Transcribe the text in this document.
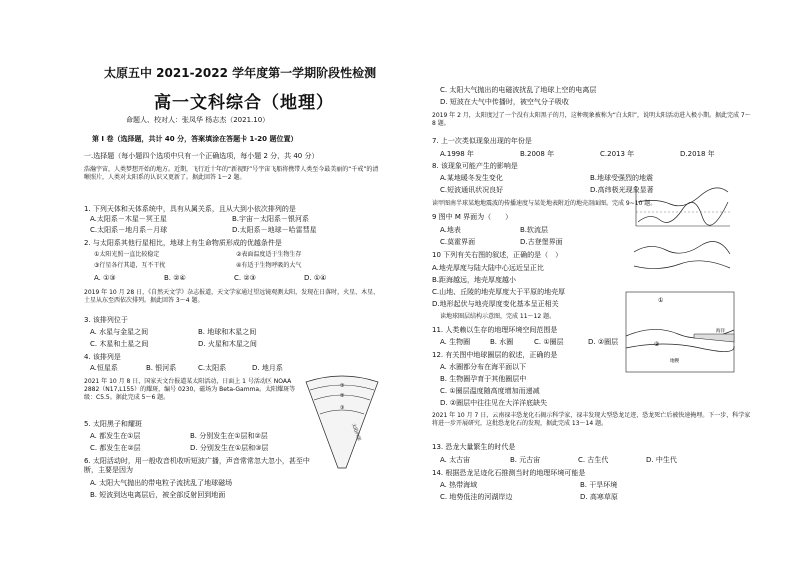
太原五中 2021-2022 学年度第一学期阶段性检测
高一文科综合（地理）
命题人、校对人：张凤华 杨志杰（2021.10）
第 I 卷（选择题，共计 40 分，答案填涂在答题卡 1-20 题位置）
一.选择题（每小题四个选项中只有一个正确选项，每小题 2 分，共 40 分）
浩瀚宇宙，人类梦想开始的地方。近期，飞行近十年的“新视野”号宇宙飞船将携带人类至今最美丽的“千戒”的清晰照片，人类对太阳系的认识又更新了。据此回答 1～2 题。
1. 下列天体和天体系统中，具有从属关系，且从大到小依次排列的是
A.太阳系－木星－冥王星	B.宇宙－太阳系－银河系
C.太阳系－地月系－月球	D.太阳系－地球－哈雷彗星
2. 与太阳系其他行星相比，地球上有生命物质形成的优越条件是
①太阳光照一直比较稳定	②表面温度适于生物生存
③行星各行其道，互不干扰	④有适于生物呼吸的大气
A. ①③	B. ②④	C. ②③	D. ①④
2019 年 10 月 28 日，《自然天文学》杂志报道，天文学家通过望远镜观测太阳，发现在日落时，火星、木星、土星从东至西依次排列。据此回答 3～4 题。
3. 该排列位于
A. 水星与金星之间	B. 地球和木星之间
C. 木星和土星之间	D. 火星和木星之间
4. 该排列是
A.恒星系	B. 银河系	C.太阳系	D. 地月系
2021 年 10 月 8 日，国家天文台报道某太阳活动，日面上 1 号活动区 NOAA 2882（N17,L155）的耀斑，编号 0230，磁场为 Beta-Gamma。太阳耀斑等级：C5.5。据此完成 5～6 题。
5. 太阳黑子和耀斑
A. 都发生在①层	B. 分别发生在①层和②层
C. 都发生在②层	D. 分别发生在①层和③层
6. 太阳活动时，用一般收音机收听短波广播，声音常常忽大忽小，甚至中断，主要是因为
A. 太阳大气抛出的带电粒子流扰乱了地球磁场
B. 短波到达电离层后，被全部反射回到地面
①
②
③
太阳内部
C. 太阳大气抛出的电磁波扰乱了地球上空的电离层
D. 短波在大气中传播时，被空气分子吸收
2019 年 2 月，太阳度过了一个没有太阳黑子的月，这种现象被称为“白太阳”，说明太阳活动进入极小期。据此完成 7～8 题。
7. 上一次类似现象出现的年份是
A.1998 年	B.2008 年	C.2013 年	D.2018 年
8. 该现象可能产生的影响是
A.某地暖冬发生变化	B.地球受强烈的地震
C.短波通讯状况良好	D.高纬极光现象显著
读甲图南半球某地地震波的传播速度与某处地表附近的地壳剖面图。完成 9~10 题。
9 图中 M 界面为（　　）
A.地表	B.软流层
C.莫霍界面	D.古登堡界面
10 下列有关右图的叙述，正确的是（　）
A.地壳厚度与陆大陆中心远近呈正比
B.距海越远，地壳厚度越小
C.山地、丘陵的地壳厚度大于平原的地壳厚
D.地形起伏与地壳厚度变化基本呈正相关
读地球圈层结构示意图，完成 11～12 题。
11. 人类赖以生存的地理环境空间范围是
A. 生物圈	B. 水圈	C. ①圈层	D. ②圈层
12. 有关图中地球圈层的叙述，正确的是
A. 水圈都分布在海平面以下
B. 生物圈孕育于其他圈层中
C. ①圈层温度随高度增加而递减
D. ②圈层中往往见在大洋洋底缺失
2021 年 10 月 7 日，云南禄丰恐龙化石揭示科学家，禄丰发现大型恐龙足迹，恐龙死亡后被快速掩埋。下一步，科学家将进一步开展研究，这批恐龙化石的发现，据此完成 13～14 题。
13. 恐龙大量繁生的时代是
A. 太古宙	B. 元古宙	C. 古生代	D. 中生代
14. 根据恐龙足迹化石推测当时的地理环境可能是
A. 热带海域	B. 干旱环境
C. 地势低洼的河湖岸边	D. 高寒草原
①
②
海洋
地幔
